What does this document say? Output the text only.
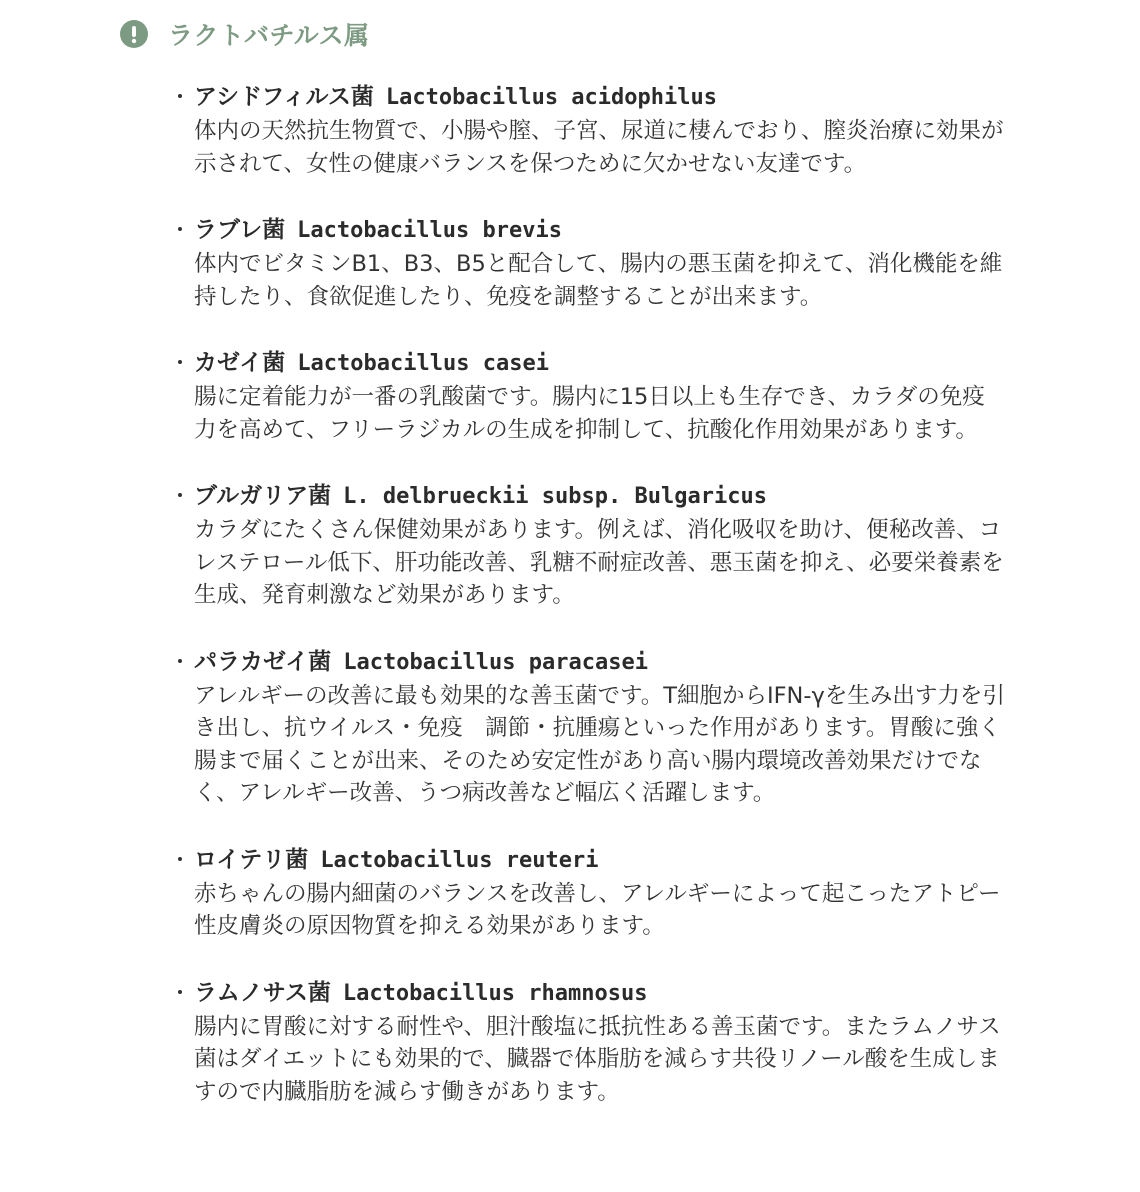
ラクトバチルス属
アシドフィルス菌 Lactobacillus acidophilus
体内の天然抗生物質で、小腸や膣、子宮、尿道に棲んでおり、膣炎治療に効果が示されて、女性の健康バランスを保つために欠かせない友達です。
ラブレ菌 Lactobacillus brevis
体内でビタミンB1、B3、B5と配合して、腸内の悪玉菌を抑えて、消化機能を維持したり、食欲促進したり、免疫を調整することが出来ます。
カゼイ菌 Lactobacillus casei
腸に定着能力が一番の乳酸菌です。腸内に15日以上も生存でき、カラダの免疫力を高めて、フリーラジカルの生成を抑制して、抗酸化作用効果があります。
ブルガリア菌 L. delbrueckii subsp. Bulgaricus
カラダにたくさん保健効果があります。例えば、消化吸収を助け、便秘改善、コレステロール低下、肝功能改善、乳糖不耐症改善、悪玉菌を抑え、必要栄養素を生成、発育刺激など効果があります。
パラカゼイ菌 Lactobacillus paracasei
アレルギーの改善に最も効果的な善玉菌です。T細胞からIFN-γを生み出す力を引き出し、抗ウイルス・免疫　調節・抗腫瘍といった作用があります。胃酸に強く腸まで届くことが出来、そのため安定性があり高い腸内環境改善効果だけでなく、アレルギー改善、うつ病改善など幅広く活躍します。
ロイテリ菌 Lactobacillus reuteri
赤ちゃんの腸内細菌のバランスを改善し、アレルギーによって起こったアトピー性皮膚炎の原因物質を抑える効果があります。
ラムノサス菌 Lactobacillus rhamnosus
腸内に胃酸に対する耐性や、胆汁酸塩に抵抗性ある善玉菌です。またラムノサス菌はダイエットにも効果的で、臓器で体脂肪を減らす共役リノール酸を生成しますので内臓脂肪を減らす働きがあります。
